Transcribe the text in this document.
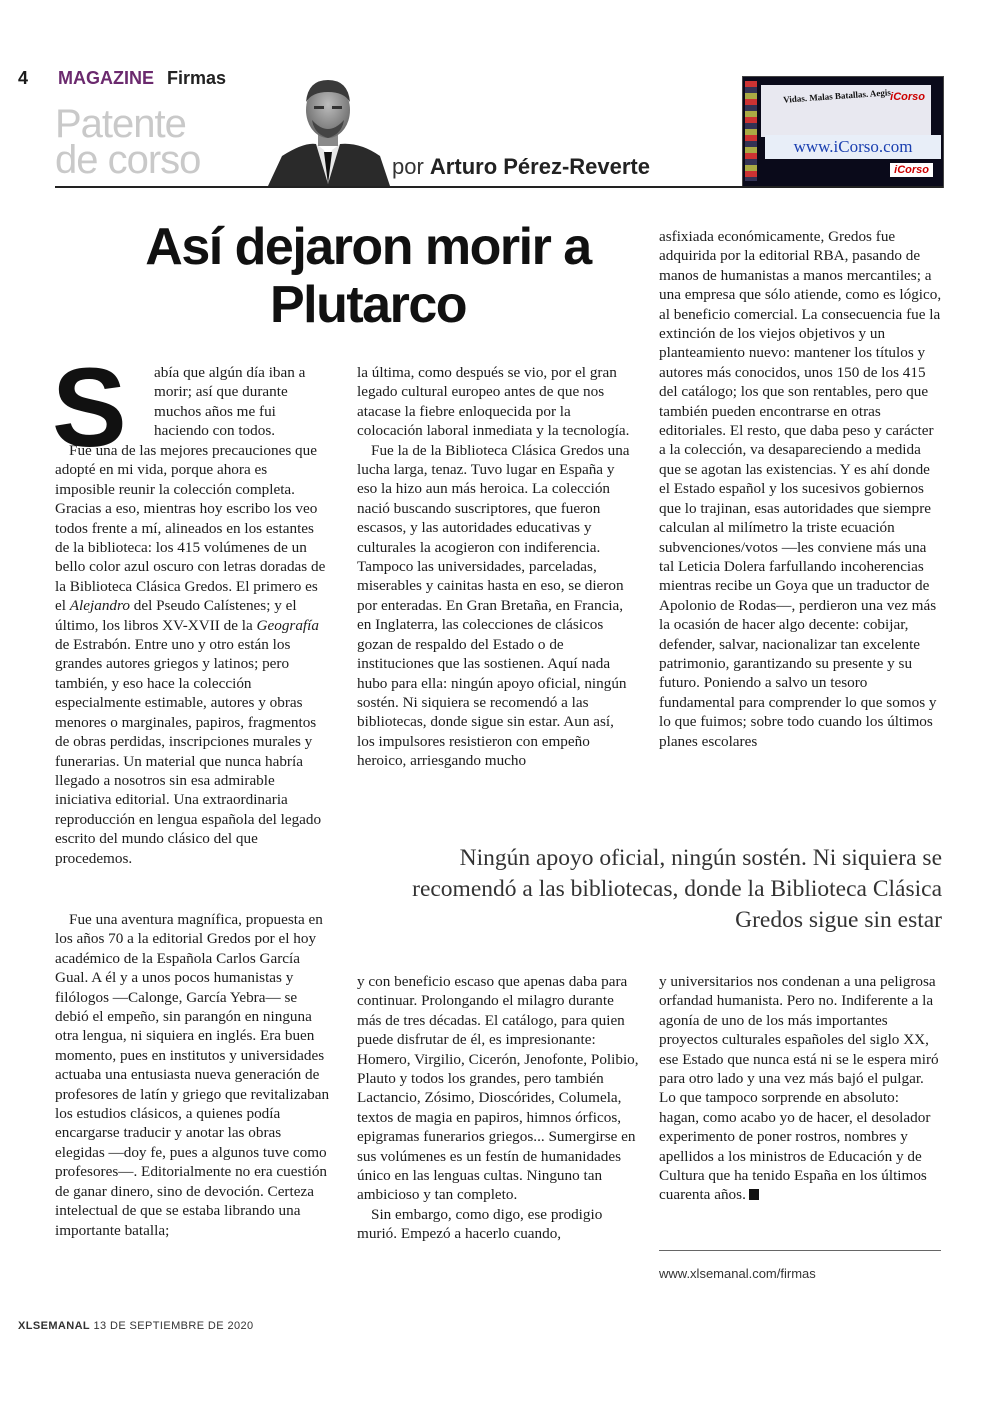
4 MAGAZINE Firmas
Patente
de corso	por Arturo Pérez-Reverte
Vidas. Malas Batallas. Aegis iCorso
www.iCorso.com
iCorso
Así dejaron morir a Plutarco
S abía que algún día iban a morir; así que durante muchos años me fui haciendo con todos.

Fue una de las mejores precauciones que adopté en mi vida, porque ahora es imposible reunir la colección completa. Gracias a eso, mientras hoy escribo los veo todos frente a mí, alineados en los estantes de la biblioteca: los 415 volúmenes de un bello color azul oscuro con letras doradas de la Biblioteca Clásica Gredos. El primero es el Alejandro del Pseudo Calístenes; y el último, los libros XV-XVII de la Geografía de Estrabón. Entre uno y otro están los grandes autores griegos y latinos; pero también, y eso hace la colección especialmente estimable, autores y obras menores o marginales, papiros, fragmentos de obras perdidas, inscripciones murales y funerarias. Un material que nunca habría llegado a nosotros sin esa admirable iniciativa editorial. Una extraordinaria reproducción en lengua española del legado escrito del mundo clásico del que procedemos.

Fue una aventura magnífica, propuesta en los años 70 a la editorial Gredos por el hoy académico de la Española Carlos García Gual. A él y a unos pocos humanistas y filólogos —Calonge, García Yebra— se debió el empeño, sin parangón en ninguna otra lengua, ni siquiera en inglés. Era buen momento, pues en institutos y universidades actuaba una entusiasta nueva generación de profesores de latín y griego que revitalizaban los estudios clásicos, a quienes podía encargarse traducir y anotar las obras elegidas —doy fe, pues a algunos tuve como profesores—. Editorialmente no era cuestión de ganar dinero, sino de devoción. Certeza intelectual de que se estaba librando una importante batalla;

la última, como después se vio, por el gran legado cultural europeo antes de que nos atacase la fiebre enloquecida por la colocación laboral inmediata y la tecnología.

Fue la de la Biblioteca Clásica Gredos una lucha larga, tenaz. Tuvo lugar en España y eso la hizo aun más heroica. La colección nació buscando suscriptores, que fueron escasos, y las autoridades educativas y culturales la acogieron con indiferencia. Tampoco las universidades, parceladas, miserables y cainitas hasta en eso, se dieron por enteradas. En Gran Bretaña, en Francia, en Inglaterra, las colecciones de clásicos gozan de respaldo del Estado o de instituciones que las sostienen. Aquí nada hubo para ella: ningún apoyo oficial, ningún sostén. Ni siquiera se recomendó a las bibliotecas, donde sigue sin estar. Aun así, los impulsores resistieron con empeño heroico, arriesgando mucho

y con beneficio escaso que apenas daba para continuar. Prolongando el milagro durante más de tres décadas. El catálogo, para quien puede disfrutar de él, es impresionante: Homero, Virgilio, Cicerón, Jenofonte, Polibio, Plauto y todos los grandes, pero también Lactancio, Zósimo, Dioscórides, Columela, textos de magia en papiros, himnos órficos, epigramas funerarios griegos... Sumergirse en sus volúmenes es un festín de humanidades único en las lenguas cultas. Ninguno tan ambicioso y tan completo.

Sin embargo, como digo, ese prodigio murió. Empezó a hacerlo cuando,

asfixiada económicamente, Gredos fue adquirida por la editorial RBA, pasando de manos de humanistas a manos mercantiles; a una empresa que sólo atiende, como es lógico, al beneficio comercial. La consecuencia fue la extinción de los viejos objetivos y un planteamiento nuevo: mantener los títulos y autores más conocidos, unos 150 de los 415 del catálogo; los que son rentables, pero que también pueden encontrarse en otras editoriales. El resto, que daba peso y carácter a la colección, va desapareciendo a medida que se agotan las existencias. Y es ahí donde el Estado español y los sucesivos gobiernos que lo trajinan, esas autoridades que siempre calculan al milímetro la triste ecuación subvenciones/votos —les conviene más una tal Leticia Dolera farfullando incoherencias mientras recibe un Goya que un traductor de Apolonio de Rodas—, perdieron una vez más la ocasión de hacer algo decente: cobijar, defender, salvar, nacionalizar tan excelente patrimonio, garantizando su presente y su futuro. Poniendo a salvo un tesoro fundamental para comprender lo que somos y lo que fuimos; sobre todo cuando los últimos planes escolares

Ningún apoyo oficial, ningún sostén. Ni siquiera se recomendó a las bibliotecas, donde la Biblioteca Clásica Gredos sigue sin estar

y universitarios nos condenan a una peligrosa orfandad humanista. Pero no. Indiferente a la agonía de uno de los más importantes proyectos culturales españoles del siglo XX, ese Estado que nunca está ni se le espera miró para otro lado y una vez más bajó el pulgar. Lo que tampoco sorprende en absoluto: hagan, como acabo yo de hacer, el desolador experimento de poner rostros, nombres y apellidos a los ministros de Educación y de Cultura que ha tenido España en los últimos cuarenta años.

www.xlsemanal.com/firmas
XLSEMANAL 13 DE SEPTIEMBRE DE 2020
